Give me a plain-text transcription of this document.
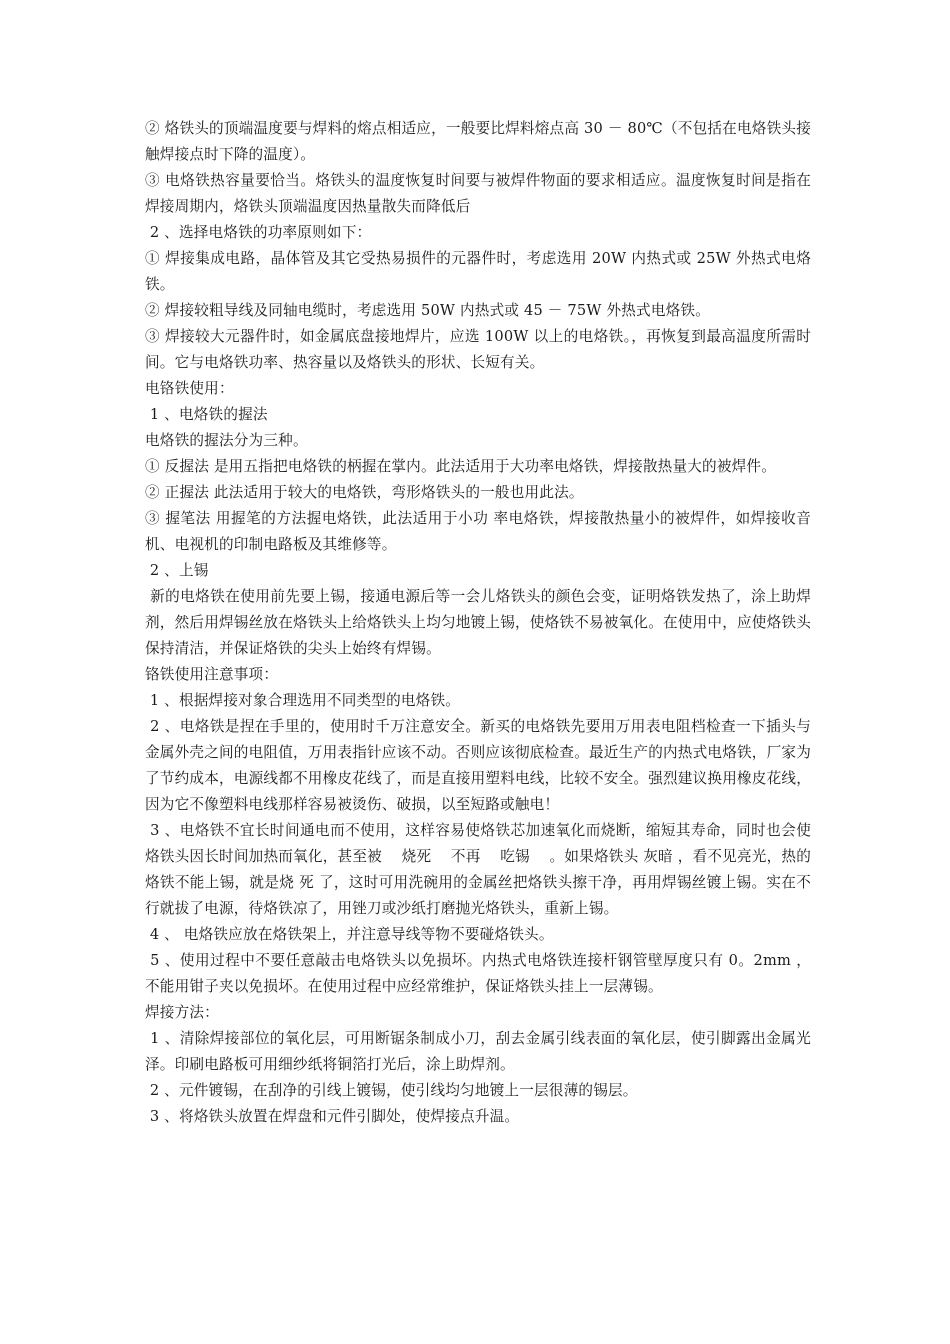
② 烙铁头的顶端温度要与焊料的熔点相适应，一般要比焊料熔点高 30 － 80℃（不包括在电烙铁头接触焊接点时下降的温度）。

③ 电烙铁热容量要恰当。烙铁头的温度恢复时间要与被焊件物面的要求相适应。温度恢复时间是指在焊接周期内，烙铁头顶端温度因热量散失而降低后

2 、选择电烙铁的功率原则如下：

① 焊接集成电路，晶体管及其它受热易损件的元器件时，考虑选用 20W 内热式或 25W 外热式电烙铁。

② 焊接较粗导线及同轴电缆时，考虑选用 50W 内热式或 45 － 75W 外热式电烙铁。

③ 焊接较大元器件时，如金属底盘接地焊片，应选 100W 以上的电烙铁。，再恢复到最高温度所需时间。它与电烙铁功率、热容量以及烙铁头的形状、长短有关。

电铬铁使用：

1 、电烙铁的握法

电烙铁的握法分为三种。

① 反握法 是用五指把电烙铁的柄握在掌内。此法适用于大功率电烙铁，焊接散热量大的被焊件。

② 正握法 此法适用于较大的电烙铁，弯形烙铁头的一般也用此法。

③ 握笔法 用握笔的方法握电烙铁，此法适用于小功 率电烙铁，焊接散热量小的被焊件，如焊接收音机、电视机的印制电路板及其维修等。

2 、上锡

新的电烙铁在使用前先要上锡，接通电源后等一会儿烙铁头的颜色会变，证明烙铁发热了，涂上助焊剂，然后用焊锡丝放在烙铁头上给烙铁头上均匀地镀上锡，使烙铁不易被氧化。在使用中，应使烙铁头保持清洁，并保证烙铁的尖头上始终有焊锡。

铬铁使用注意事项：

1 、根据焊接对象合理选用不同类型的电烙铁。

2 、电烙铁是捏在手里的，使用时千万注意安全。新买的电烙铁先要用万用表电阻档检查一下插头与金属外壳之间的电阻值，万用表指针应该不动。否则应该彻底检查。最近生产的内热式电烙铁，厂家为了节约成本，电源线都不用橡皮花线了，而是直接用塑料电线，比较不安全。强烈建议换用橡皮花线，因为它不像塑料电线那样容易被烫伤、破损，以至短路或触电！

3 、电烙铁不宜长时间通电而不使用，这样容易使烙铁芯加速氧化而烧断，缩短其寿命，同时也会使烙铁头因长时间加热而氧化，甚至被　 烧死　 不再　 吃锡　 。如果烙铁头 灰暗 ，看不见亮光，热的烙铁不能上锡，就是烧 死 了，这时可用洗碗用的金属丝把烙铁头擦干净，再用焊锡丝镀上锡。实在不行就拔了电源，待烙铁凉了，用锉刀或沙纸打磨抛光烙铁头，重新上锡。

4 、 电烙铁应放在烙铁架上，并注意导线等物不要碰烙铁头。

5 、使用过程中不要任意敲击电烙铁头以免损坏。内热式电烙铁连接杆钢管壁厚度只有 0。2mm ，不能用钳子夹以免损坏。在使用过程中应经常维护，保证烙铁头挂上一层薄锡。

焊接方法：

1 、清除焊接部位的氧化层，可用断锯条制成小刀，刮去金属引线表面的氧化层，使引脚露出金属光泽。印刷电路板可用细纱纸将铜箔打光后，涂上助焊剂。

2 、元件镀锡，在刮净的引线上镀锡，使引线均匀地镀上一层很薄的锡层。

3 、将烙铁头放置在焊盘和元件引脚处，使焊接点升温。
